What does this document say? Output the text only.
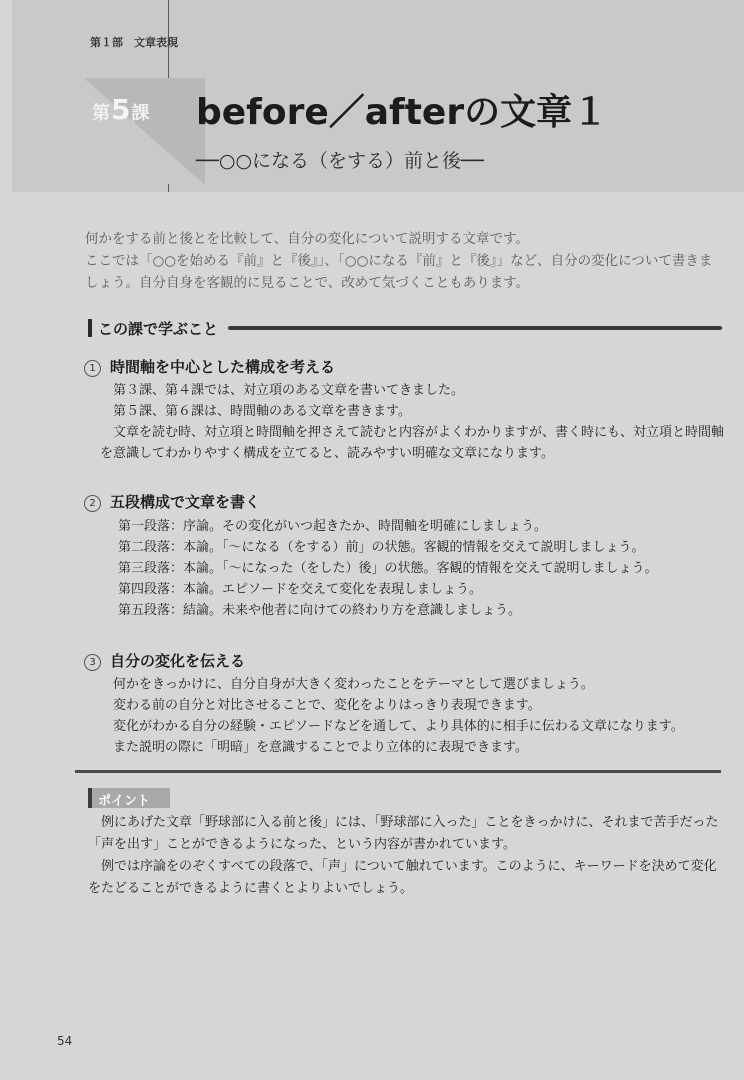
第１部　文章表現
第5課 before／afterの文章１
──○○になる（をする）前と後──

何かをする前と後とを比較して、自分の変化について説明する文章です。

ここでは「○○を始める『前』と『後』」、「○○になる『前』と『後』」など、自分の変化について書きましょう。自分自身を客観的に見ることで、改めて気づくこともあります。

この課で学ぶこと
1 時間軸を中心とした構成を考える

第３課、第４課では、対立項のある文章を書いてきました。

第５課、第６課は、時間軸のある文章を書きます。

文章を読む時、対立項と時間軸を押さえて読むと内容がよくわかりますが、書く時にも、対立項と時間軸を意識してわかりやすく構成を立てると、読みやすい明確な文章になります。

2 五段構成で文章を書く

第一段落：序論。その変化がいつ起きたか、時間軸を明確にしましょう。

第二段落：本論。「〜になる（をする）前」の状態。客観的情報を交えて説明しましょう。

第三段落：本論。「〜になった（をした）後」の状態。客観的情報を交えて説明しましょう。

第四段落：本論。エピソードを交えて変化を表現しましょう。

第五段落：結論。未来や他者に向けての終わり方を意識しましょう。

3 自分の変化を伝える

何かをきっかけに、自分自身が大きく変わったことをテーマとして選びましょう。

変わる前の自分と対比させることで、変化をよりはっきり表現できます。

変化がわかる自分の経験・エピソードなどを通して、より具体的に相手に伝わる文章になります。

また説明の際に「明暗」を意識することでより立体的に表現できます。

ポイント

例にあげた文章「野球部に入る前と後」には、「野球部に入った」ことをきっかけに、それまで苦手だった「声を出す」ことができるようになった、という内容が書かれています。

例では序論をのぞくすべての段落で、「声」について触れています。このように、キーワードを決めて変化をたどることができるように書くとよりよいでしょう。

54
